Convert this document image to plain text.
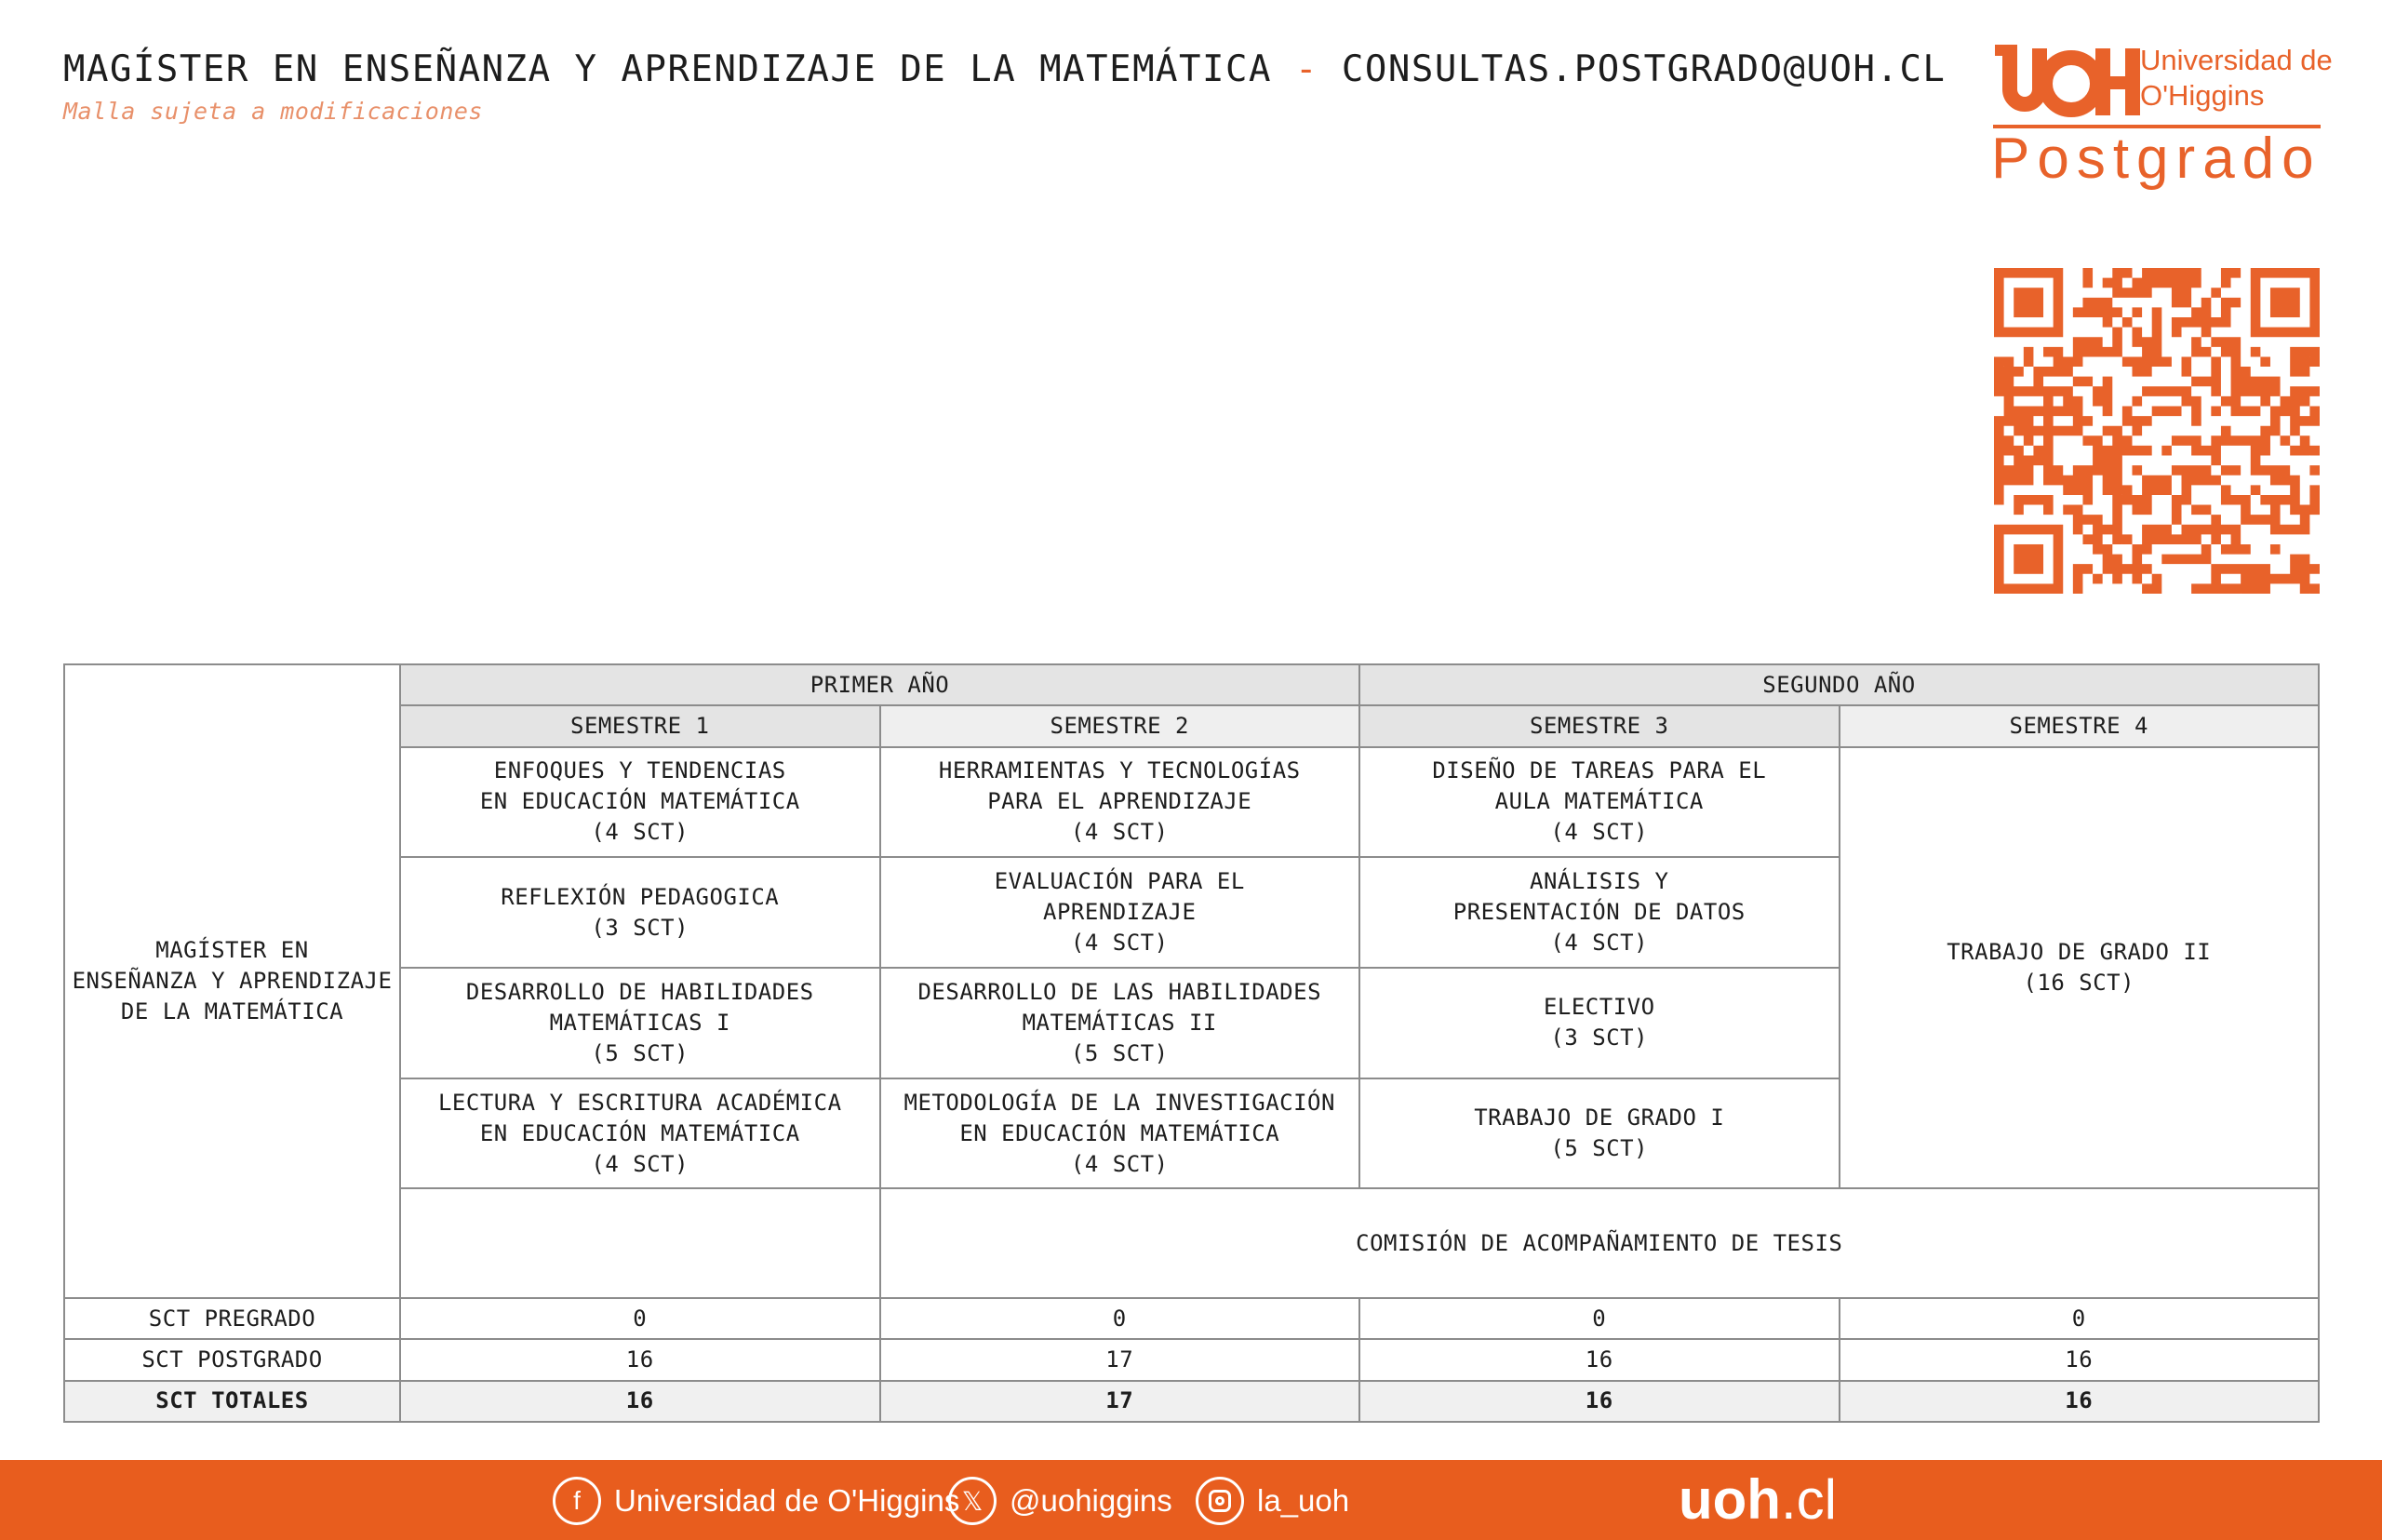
MAGÍSTER EN ENSEÑANZA Y APRENDIZAJE DE LA MATEMÁTICA - CONSULTAS.POSTGRADO@UOH.CL
Malla sujeta a modificaciones
Universidad de O'Higgins
Postgrado
MAGÍSTER EN
ENSEÑANZA Y APRENDIZAJE
DE LA MATEMÁTICA	PRIMER AÑO		SEGUNDO AÑO	
	SEMESTRE 1	SEMESTRE 2	SEMESTRE 3	SEMESTRE 4
	ENFOQUES Y TENDENCIAS
EN EDUCACIÓN MATEMÁTICA
(4 SCT)	HERRAMIENTAS Y TECNOLOGÍAS
PARA EL APRENDIZAJE
(4 SCT)	DISEÑO DE TAREAS PARA EL
AULA MATEMÁTICA
(4 SCT)	TRABAJO DE GRADO II
(16 SCT)
	REFLEXIÓN PEDAGOGICA
(3 SCT)	EVALUACIÓN PARA EL
APRENDIZAJE
(4 SCT)	ANÁLISIS Y
PRESENTACIÓN DE DATOS
(4 SCT)	
	DESARROLLO DE HABILIDADES
MATEMÁTICAS I
(5 SCT)	DESARROLLO DE LAS HABILIDADES
MATEMÁTICAS II
(5 SCT)	ELECTIVO
(3 SCT)	
	LECTURA Y ESCRITURA ACADÉMICA
EN EDUCACIÓN MATEMÁTICA
(4 SCT)	METODOLOGÍA DE LA INVESTIGACIÓN
EN EDUCACIÓN MATEMÁTICA
(4 SCT)	TRABAJO DE GRADO I
(5 SCT)	
		COMISIÓN DE ACOMPAÑAMIENTO DE TESIS		
SCT PREGRADO	0	0	0	0
SCT POSTGRADO	16	17	16	16
SCT TOTALES	16	17	16	16
f	Universidad de O'Higgins 𝕏 @uohiggins	la_uoh	uoh.cl
